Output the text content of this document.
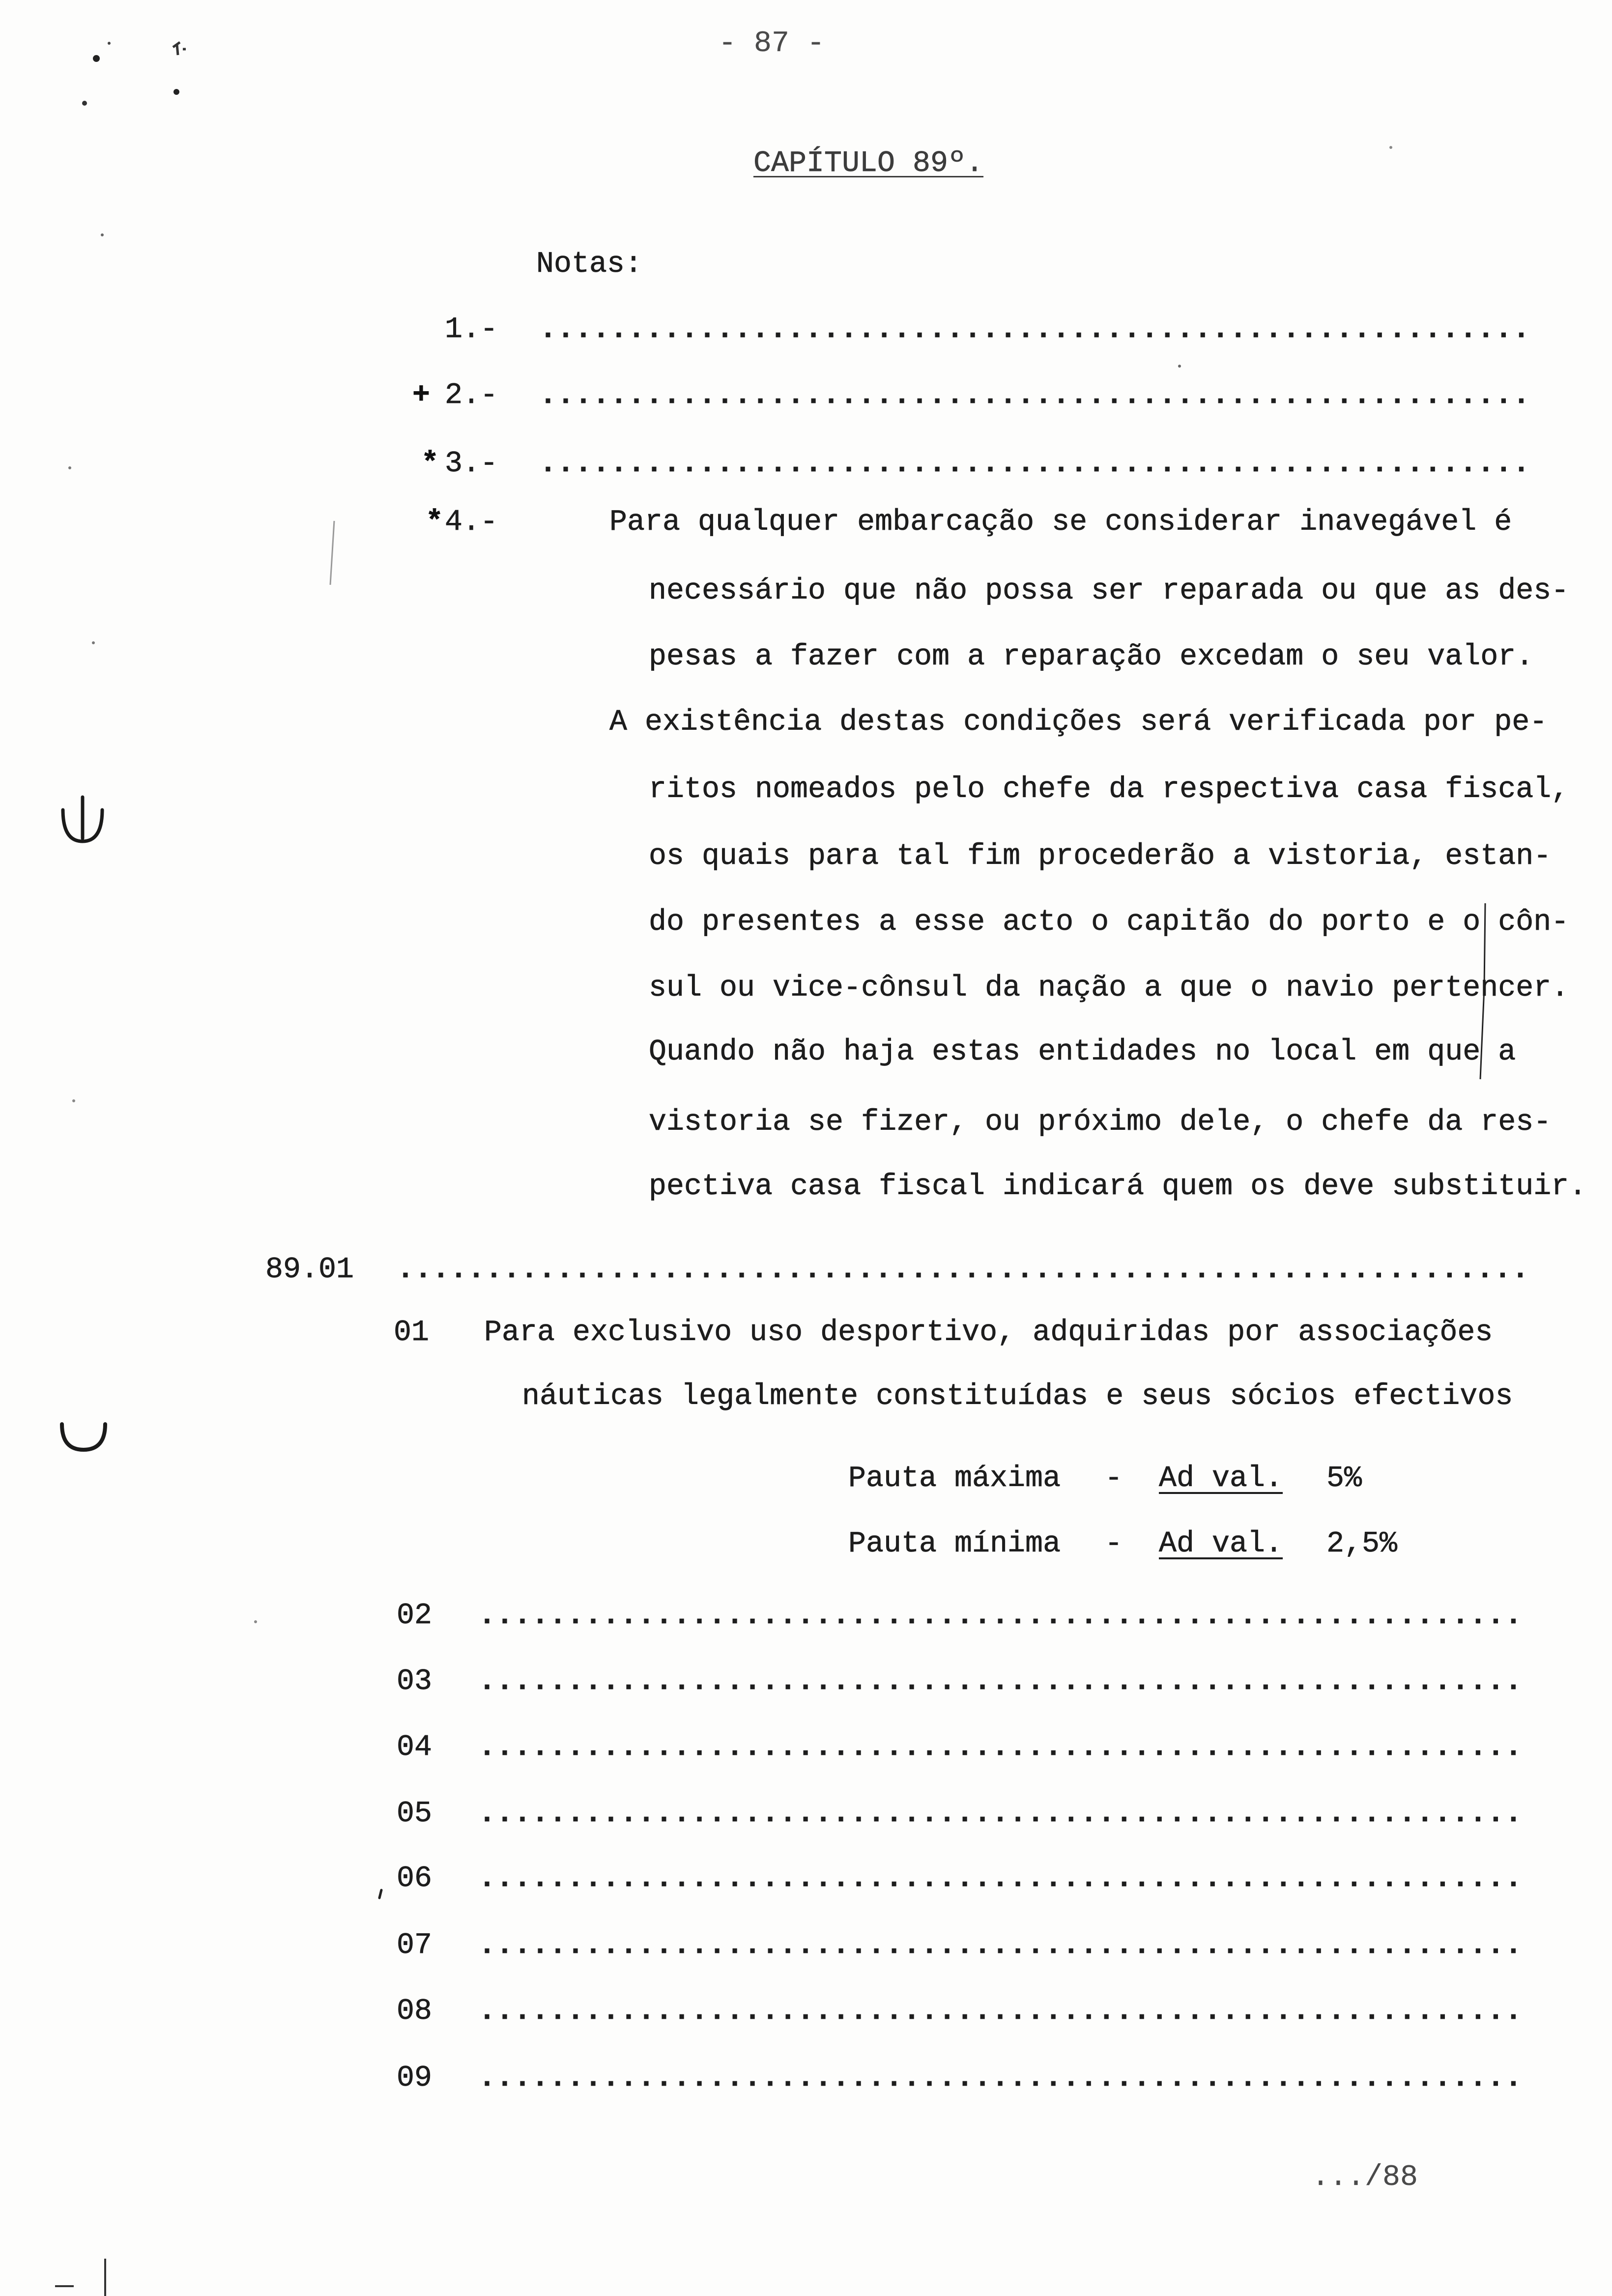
- 87 -
CAPÍTULO 89º.
Notas:
1.- ........................................................
+ 2.- ........................................................
* 3.- ........................................................
* 4.-	Para qualquer embarcação se considerar inavegável é
necessário que não possa ser reparada ou que as des-
pesas a fazer com a reparação excedam o seu valor.
A existência destas condições será verificada por pe-
ritos nomeados pelo chefe da respectiva casa fiscal,
os quais para tal fim procederão a vistoria, estan-
do presentes a esse acto o capitão do porto e o côn-
sul ou vice-cônsul da nação a que o navio pertencer.
Quando não haja estas entidades no local em que a
vistoria se fizer, ou próximo dele, o chefe da res-
pectiva casa fiscal indicará quem os deve substituir.
89.01 ................................................................
01 Para exclusivo uso desportivo, adquiridas por associações
náuticas legalmente constituídas e seus sócios efectivos
Pauta máxima - Ad val. 5%
Pauta mínima - Ad val. 2,5%
02 ...........................................................
03 ...........................................................
04 ...........................................................
05 ...........................................................
06 ...........................................................
07 ...........................................................
08 ...........................................................
09 ...........................................................
.../88
